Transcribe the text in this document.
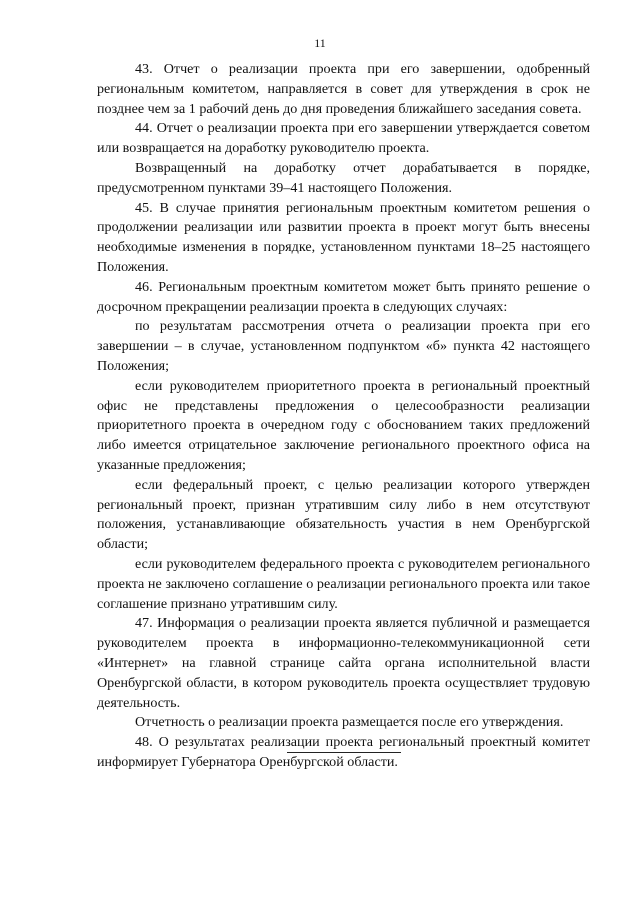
11

43. Отчет о реализации проекта при его завершении, одобренный региональным комитетом, направляется в совет для утверждения в срок не позднее чем за 1 рабочий день до дня проведения ближайшего заседания совета.

44. Отчет о реализации проекта при его завершении утверждается советом или возвращается на доработку руководителю проекта.

Возвращенный на доработку отчет дорабатывается в порядке, предусмотренном пунктами 39–41 настоящего Положения.

45. В случае принятия региональным проектным комитетом решения о продолжении реализации или развитии проекта в проект могут быть внесены необходимые изменения в порядке, установленном пунктами 18–25 настоящего Положения.

46. Региональным проектным комитетом может быть принято решение о досрочном прекращении реализации проекта в следующих случаях:

по результатам рассмотрения отчета о реализации проекта при его завершении – в случае, установленном подпунктом «б» пункта 42 настоящего Положения;

если руководителем приоритетного проекта в региональный проектный офис не представлены предложения о целесообразности реализации приоритетного проекта в очередном году с обоснованием таких предложений либо имеется отрицательное заключение регионального проектного офиса на указанные предложения;

если федеральный проект, с целью реализации которого утвержден региональный проект, признан утратившим силу либо в нем отсутствуют положения, устанавливающие обязательность участия в нем Оренбургской области;

если руководителем федерального проекта с руководителем регионального проекта не заключено соглашение о реализации регионального проекта или такое соглашение признано утратившим силу.

47. Информация о реализации проекта является публичной и размещается руководителем проекта в информационно-телекоммуникационной сети «Интернет» на главной странице сайта органа исполнительной власти Оренбургской области, в котором руководитель проекта осуществляет трудовую деятельность.

Отчетность о реализации проекта размещается после его утверждения.

48. О результатах реализации проекта региональный проектный комитет информирует Губернатора Оренбургской области.
